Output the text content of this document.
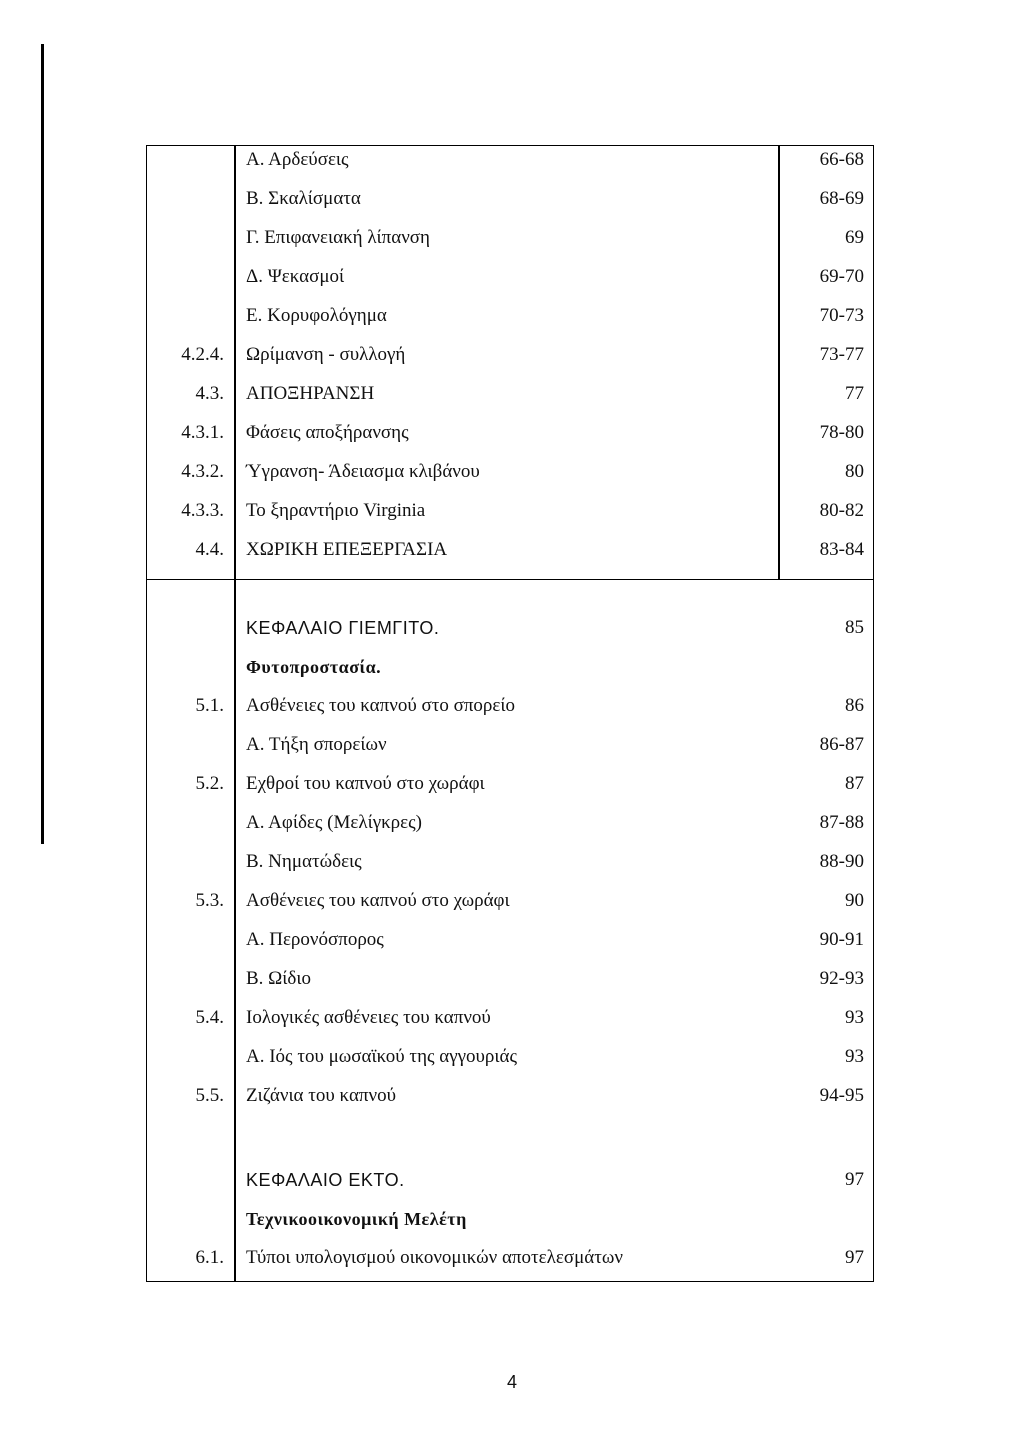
Α. Αρδεύσεις	66-68
Β. Σκαλίσματα	68-69
Γ. Επιφανειακή λίπανση	69
Δ. Ψεκασμοί	69-70
Ε. Κορυφολόγημα	70-73
4.2.4. Ωρίμανση - συλλογή	73-77
4.3. ΑΠΟΞΗΡΑΝΣΗ	77
4.3.1. Φάσεις αποξήρανσης	78-80
4.3.2. Ύγρανση- Άδειασμα κλιβάνου	80
4.3.3. Το ξηραντήριο Virginia	80-82
4.4. ΧΩΡΙΚΗ ΕΠΕΞΕΡΓΑΣΙΑ	83-84
ΚΕΦΑΛΑΙΟ ΓΙΕΜΓΙΤΟ.	85
Φυτοπροστασία.
5.1. Ασθένειες του καπνού στο σπορείο	86
Α. Τήξη σπορείων	86-87
5.2. Εχθροί του καπνού στο χωράφι	87
Α. Αφίδες (Μελίγκρες)	87-88
Β. Νηματώδεις	88-90
5.3. Ασθένειες του καπνού στο χωράφι	90
Α. Περονόσπορος	90-91
Β. Ωίδιο	92-93
5.4. Ιολογικές ασθένειες του καπνού	93
Α. Ιός του μωσαϊκού της αγγουριάς	93
5.5. Ζιζάνια του καπνού	94-95
ΚΕΦΑΛΑΙΟ ΕΚΤΟ.	97
Τεχνικοοικονομική Μελέτη
6.1. Τύποι υπολογισμού οικονομικών αποτελεσμάτων	97
4
